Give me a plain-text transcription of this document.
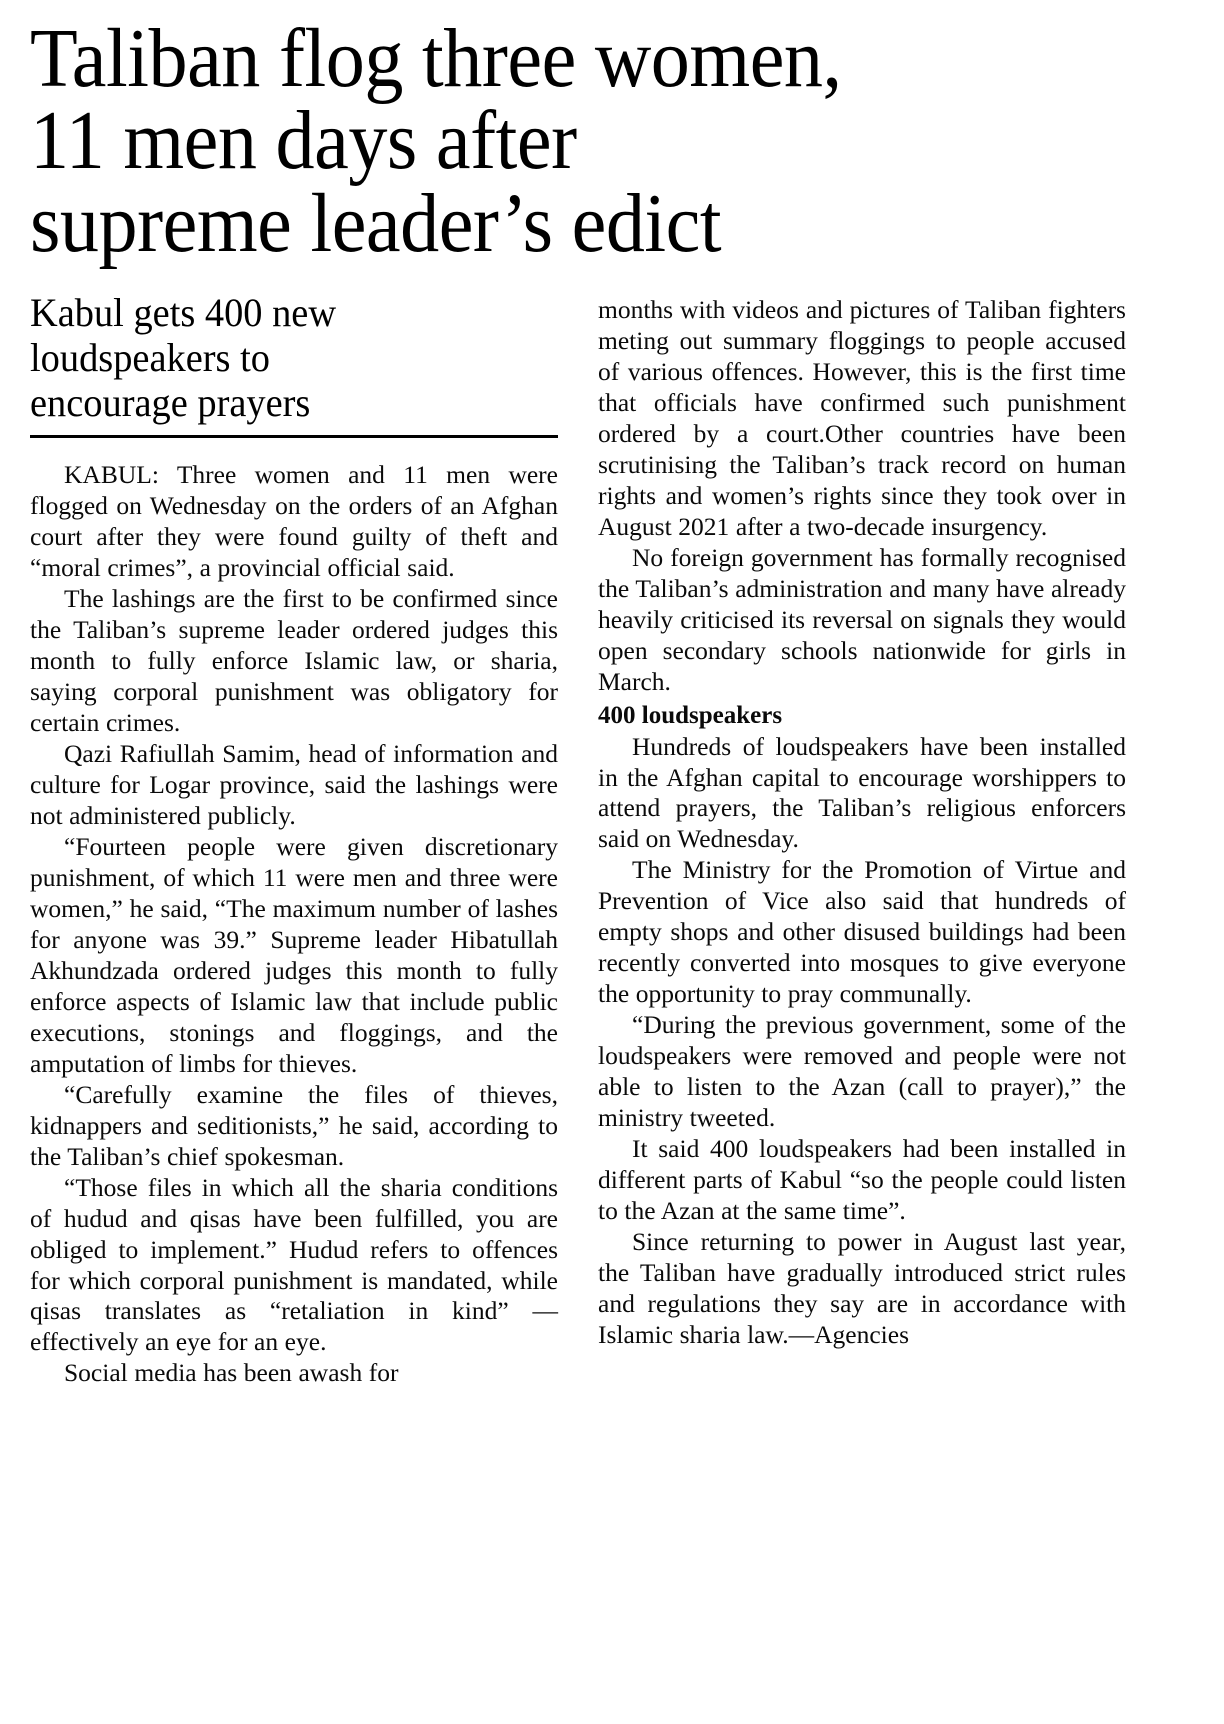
Taliban flog three women,
11 men days after
supreme leader’s edict
Kabul gets 400 new
loudspeakers to
encourage prayers

KABUL: Three women and 11 men were flogged on Wednesday on the orders of an Afghan court after they were found guilty of theft and “moral crimes”, a provincial official said.

The lashings are the first to be confirmed since the Taliban’s supreme leader ordered judges this month to fully enforce Islamic law, or sharia, saying corporal punishment was obligatory for certain crimes.

Qazi Rafiullah Samim, head of information and culture for Logar province, said the lashings were not administered publicly.

“Fourteen people were given discretionary punishment, of which 11 were men and three were women,” he said, “The maximum number of lashes for anyone was 39.” Supreme leader Hibatullah Akhundzada ordered judges this month to fully enforce aspects of Islamic law that include public executions, stonings and floggings, and the amputation of limbs for thieves.

“Carefully examine the files of thieves, kidnappers and seditionists,” he said, according to the Taliban’s chief spokesman.

“Those files in which all the sharia conditions of hudud and qisas have been fulfilled, you are obliged to implement.” Hudud refers to offences for which corporal punishment is mandated, while qisas translates as “retaliation in kind” — effectively an eye for an eye.

Social media has been awash for

months with videos and pictures of Taliban fighters meting out summary floggings to people accused of various offences. However, this is the first time that officials have confirmed such punishment ordered by a court.Other countries have been scrutinising the Taliban’s track record on human rights and women’s rights since they took over in August 2021 after a two-decade insurgency.

No foreign government has formally recognised the Taliban’s administration and many have already heavily criticised its reversal on signals they would open secondary schools nationwide for girls in March.

400 loudspeakers

Hundreds of loudspeakers have been installed in the Afghan capital to encourage worshippers to attend prayers, the Taliban’s religious enforcers said on Wednesday.

The Ministry for the Promotion of Virtue and Prevention of Vice also said that hundreds of empty shops and other disused buildings had been recently converted into mosques to give everyone the opportunity to pray communally.

“During the previous government, some of the loudspeakers were removed and people were not able to listen to the Azan (call to prayer),” the ministry tweeted.

It said 400 loudspeakers had been installed in different parts of Kabul “so the people could listen to the Azan at the same time”.

Since returning to power in August last year, the Taliban have gradually introduced strict rules and regulations they say are in accordance with Islamic sharia law.—Agencies
